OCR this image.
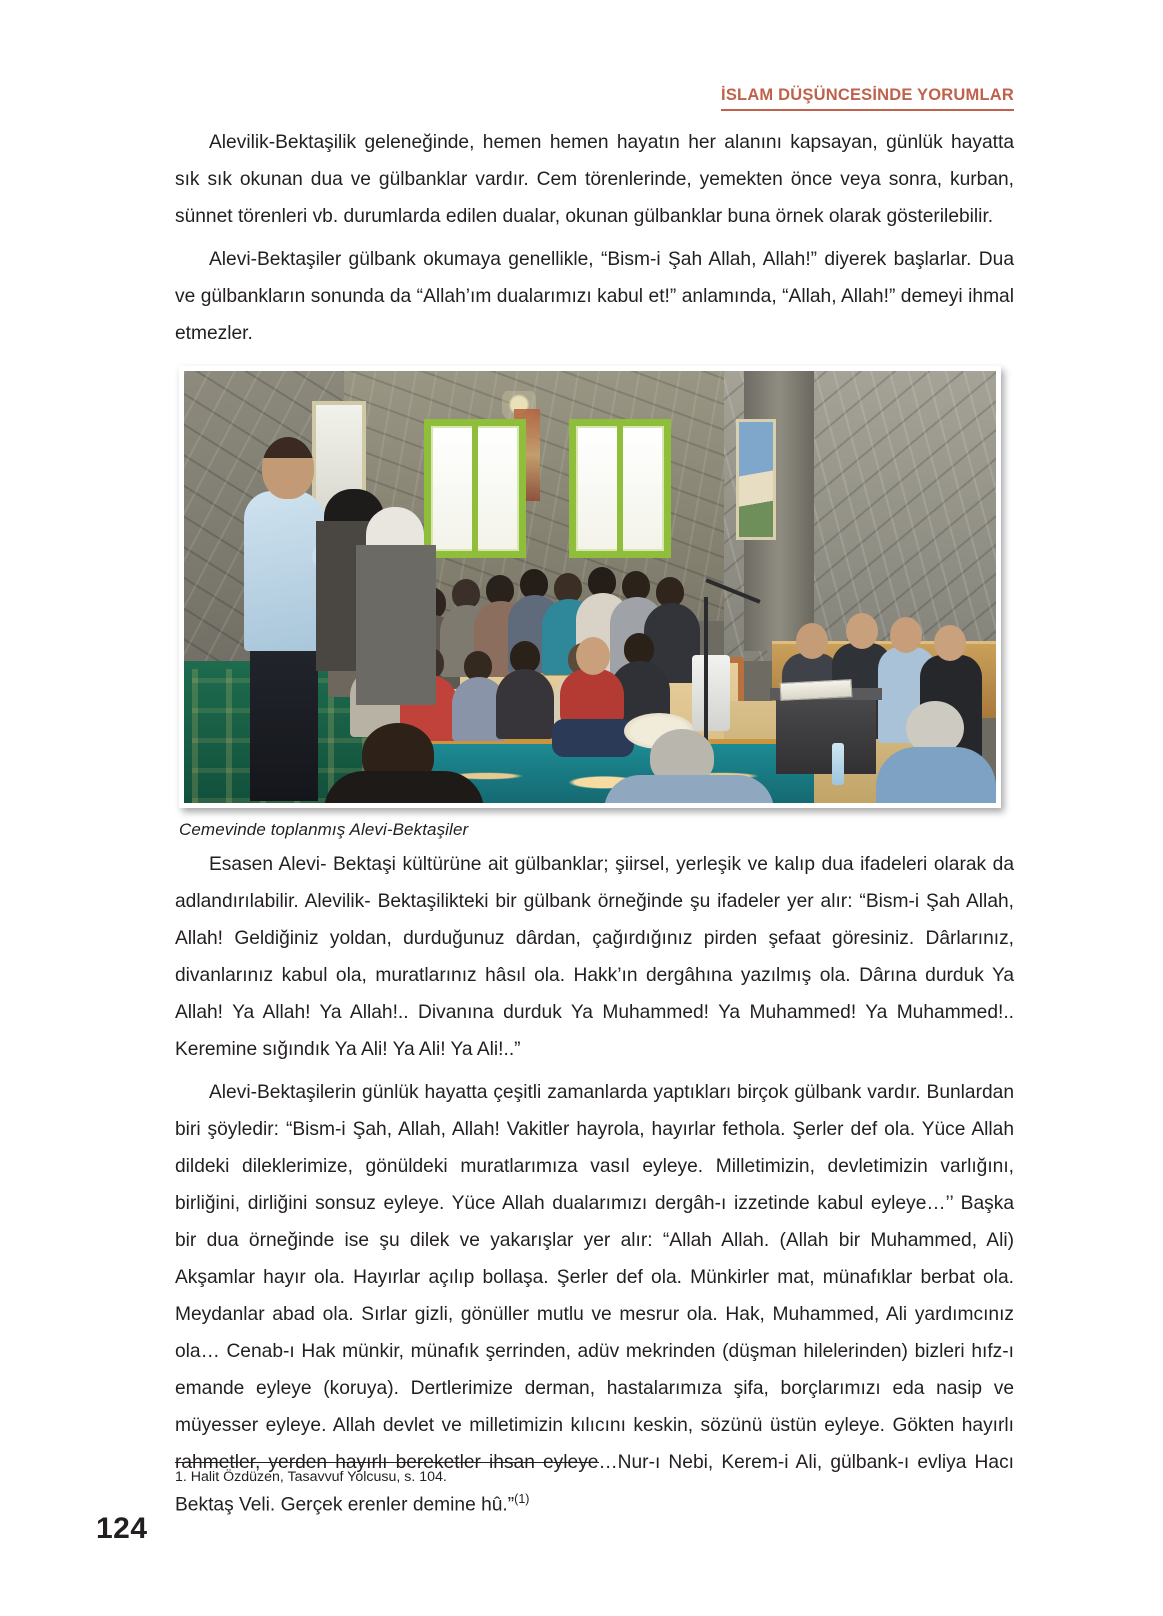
İSLAM DÜŞÜNCESİNDE YORUMLAR

Alevilik-Bektaşilik geleneğinde, hemen hemen hayatın her alanını kapsayan, günlük hayatta sık sık okunan dua ve gülbanklar vardır. Cem törenlerinde, yemekten önce veya sonra, kurban, sünnet törenleri vb. durumlarda edilen dualar, okunan gülbanklar buna örnek olarak gösterilebilir.

Alevi-Bektaşiler gülbank okumaya genellikle, “Bism-i Şah Allah, Allah!” diyerek başlarlar. Dua ve gülbankların sonunda da “Allah’ım dualarımızı kabul et!” anlamında, “Allah, Allah!” demeyi ihmal etmezler.

Cemevinde toplanmış Alevi-Bektaşiler

Esasen Alevi- Bektaşi kültürüne ait gülbanklar; şiirsel, yerleşik ve kalıp dua ifadeleri olarak da adlandırılabilir. Alevilik- Bektaşilikteki bir gülbank örneğinde şu ifadeler yer alır: “Bism-i Şah Allah, Allah! Geldiğiniz yoldan, durduğunuz dârdan, çağırdığınız pirden şefaat göresiniz. Dârlarınız, divanlarınız kabul ola, muratlarınız hâsıl ola. Hakk’ın dergâhına yazılmış ola. Dârına durduk Ya Allah! Ya Allah! Ya Allah!.. Divanına durduk Ya Muhammed! Ya Muhammed! Ya Muhammed!.. Keremine sığındık Ya Ali! Ya Ali! Ya Ali!..”

Alevi-Bektaşilerin günlük hayatta çeşitli zamanlarda yaptıkları birçok gülbank vardır. Bunlardan biri şöyledir: “Bism-i Şah, Allah, Allah! Vakitler hayrola, hayırlar fethola. Şerler def ola. Yüce Allah dildeki dileklerimize, gönüldeki muratlarımıza vasıl eyleye. Milletimizin, devletimizin varlığını, birliğini, dirliğini sonsuz eyleye. Yüce Allah dualarımızı dergâh-ı izzetinde kabul eyleye…’’ Başka bir dua örneğinde ise şu dilek ve yakarışlar yer alır: “Allah Allah. (Allah bir Muhammed, Ali) Akşamlar hayır ola. Hayırlar açılıp bollaşa. Şerler def ola. Münkirler mat, münafıklar berbat ola. Meydanlar abad ola. Sırlar gizli, gönüller mutlu ve mesrur ola. Hak, Muhammed, Ali yardımcınız ola… Cenab-ı Hak münkir, münafık şerrinden, adüv mekrinden (düşman hilelerinden) bizleri hıfz-ı emande eyleye (koruya). Dertlerimize derman, hastalarımıza şifa, borçlarımızı eda nasip ve müyesser eyleye. Allah devlet ve milletimizin kılıcını keskin, sözünü üstün eyleye. Gökten hayırlı rahmetler, yerden hayırlı bereketler ihsan eyleye…Nur-ı Nebi, Kerem-i Ali, gülbank-ı evliya Hacı Bektaş Veli. Gerçek erenler demine hû.”$^{(1)}$

1. Halit Özdüzen, Tasavvuf Yolcusu, s. 104.
124
